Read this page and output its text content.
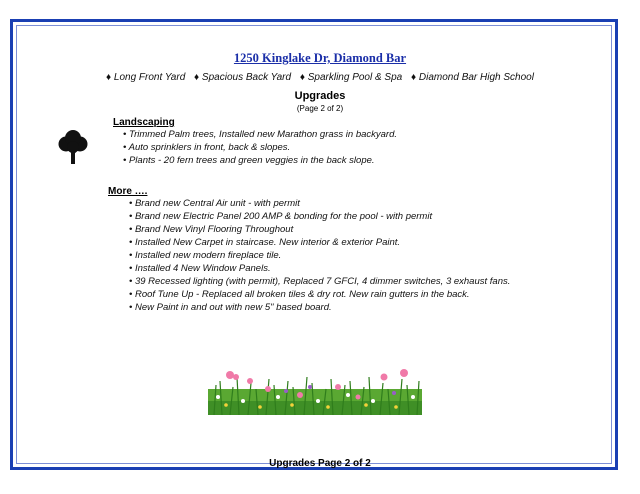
1250 Kinglake Dr, Diamond Bar
♦ Long Front Yard ♦ Spacious Back Yard ♦ Sparkling Pool & Spa ♦ Diamond Bar High School
Upgrades
(Page 2 of 2)
Landscaping
• Trimmed Palm trees, Installed new Marathon grass in backyard.
• Auto sprinklers in front, back & slopes.
• Plants - 20 fern trees and green veggies in the back slope.
More ….
• Brand new Central Air unit - with permit
• Brand new Electric Panel 200 AMP & bonding for the pool - with permit
• Brand New Vinyl Flooring Throughout
• Installed New Carpet in staircase. New interior & exterior Paint.
• Installed new modern fireplace tile.
• Installed 4 New Window Panels.
• 39 Recessed lighting (with permit), Replaced 7 GFCI, 4 dimmer switches, 3 exhaust fans.
• Roof Tune Up - Replaced all broken tiles & dry rot. New rain gutters in the back.
• New Paint in and out with new 5" based board.
Upgrades Page 2 of 2
